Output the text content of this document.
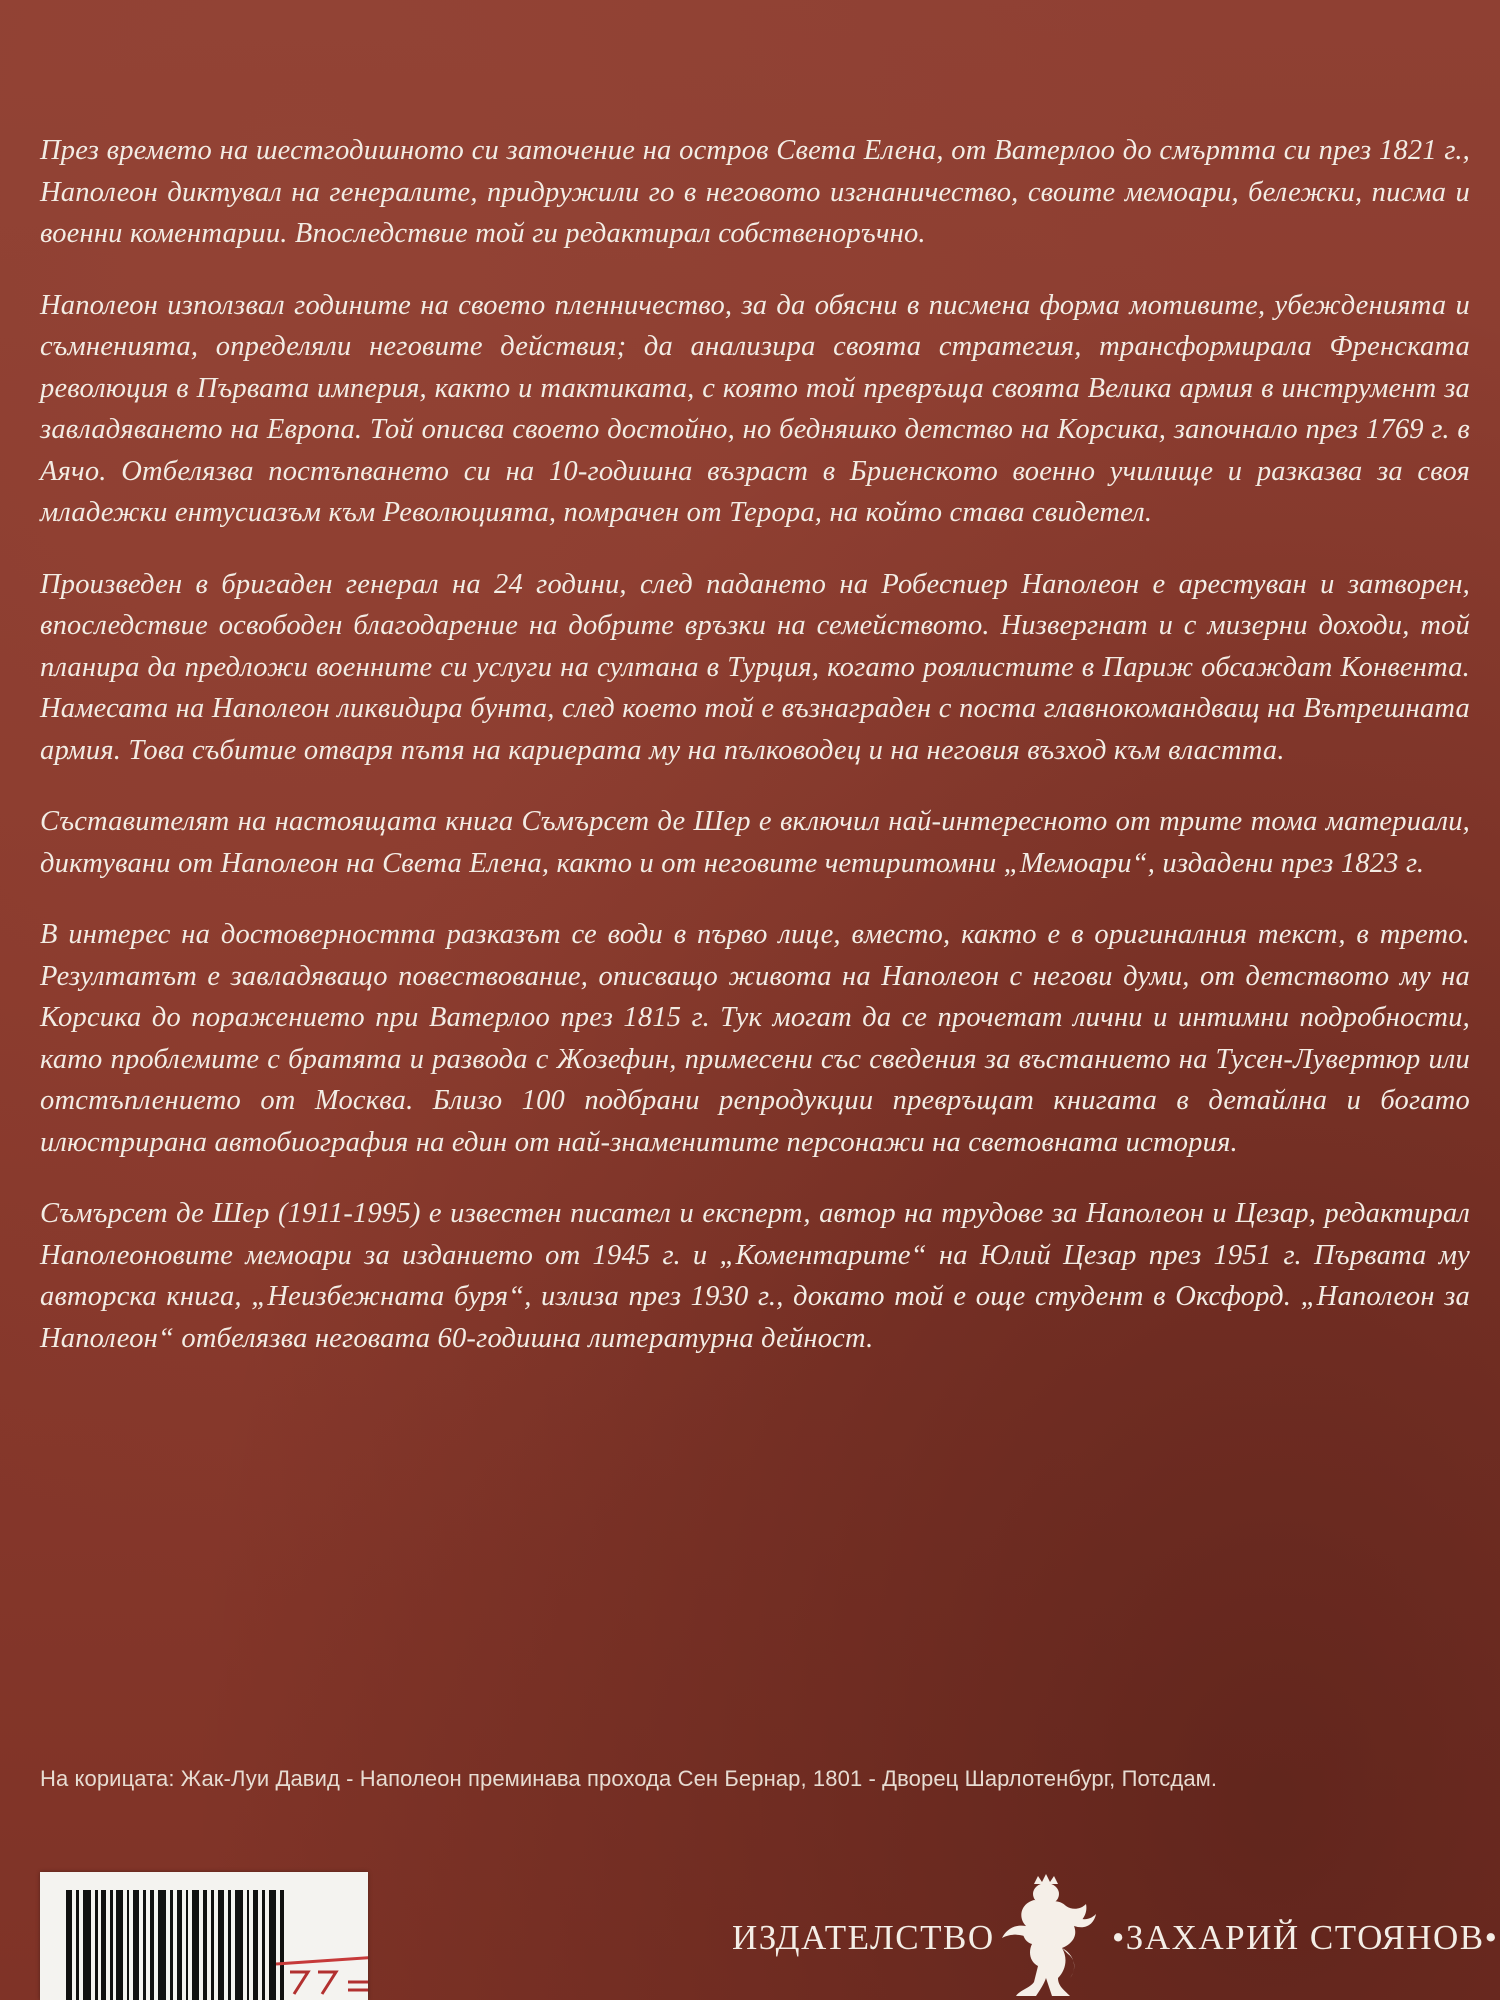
През времето на шестгодишното си заточение на остров Света Елена, от Ватерлоо до смъртта си през 1821 г., Наполеон диктувал на генералите, придружили го в неговото изгнаничество, своите мемоари, бележки, писма и военни коментарии. Впоследствие той ги редактирал собственоръчно.

Наполеон използвал годините на своето пленничество, за да обясни в писмена форма мотивите, убежденията и съмненията, определяли неговите действия; да анализира своята стратегия, трансформирала Френската революция в Първата империя, както и тактиката, с която той превръща своята Велика армия в инструмент за завладяването на Европа. Той описва своето достойно, но бедняшко детство на Корсика, започнало през 1769 г. в Аячо. Отбелязва постъпването си на 10-годишна възраст в Бриенското военно училище и разказва за своя младежки ентусиазъм към Революцията, помрачен от Терора, на който става свидетел.

Произведен в бригаден генерал на 24 години, след падането на Робеспиер Наполеон е арестуван и затворен, впоследствие освободен благодарение на добрите връзки на семейството. Низвергнат и с мизерни доходи, той планира да предложи военните си услуги на султана в Турция, когато роялистите в Париж обсаждат Конвента. Намесата на Наполеон ликвидира бунта, след което той е възнаграден с поста главнокомандващ на Вътрешната армия. Това събитие отваря пътя на кариерата му на пълководец и на неговия възход към властта.

Съставителят на настоящата книга Съмърсет де Шер е включил най-интересното от трите тома материали, диктувани от Наполеон на Света Елена, както и от неговите четиритомни „Мемоари“, издадени през 1823 г.

В интерес на достоверността разказът се води в първо лице, вместо, както е в оригиналния текст, в трето. Резултатът е завладяващо повествование, описващо живота на Наполеон с негови думи, от детството му на Корсика до поражението при Ватерлоо през 1815 г. Тук могат да се прочетат лични и интимни подробности, като проблемите с братята и развода с Жозефин, примесени със сведения за въстанието на Тусен-Лувертюр или отстъплението от Москва. Близо 100 подбрани репродукции превръщат книгата в детайлна и богато илюстрирана автобиография на един от най-знаменитите персонажи на световната история.

Съмърсет де Шер (1911-1995) е известен писател и експерт, автор на трудове за Наполеон и Цезар, редактирал Наполеоновите мемоари за изданието от 1945 г. и „Коментарите“ на Юлий Цезар през 1951 г. Първата му авторска книга, „Неизбежната буря“, излиза през 1930 г., докато той е още студент в Оксфорд. „Наполеон за Наполеон“ отбелязва неговата 60-годишна литературна дейност.

На корицата: Жак-Луи Давид - Наполеон преминава прохода Сен Бернар, 1801 - Дворец Шарлотенбург, Потсдам.
ИЗДАТЕЛСТВО	•ЗАХАРИЙ СТОЯНОВ•
